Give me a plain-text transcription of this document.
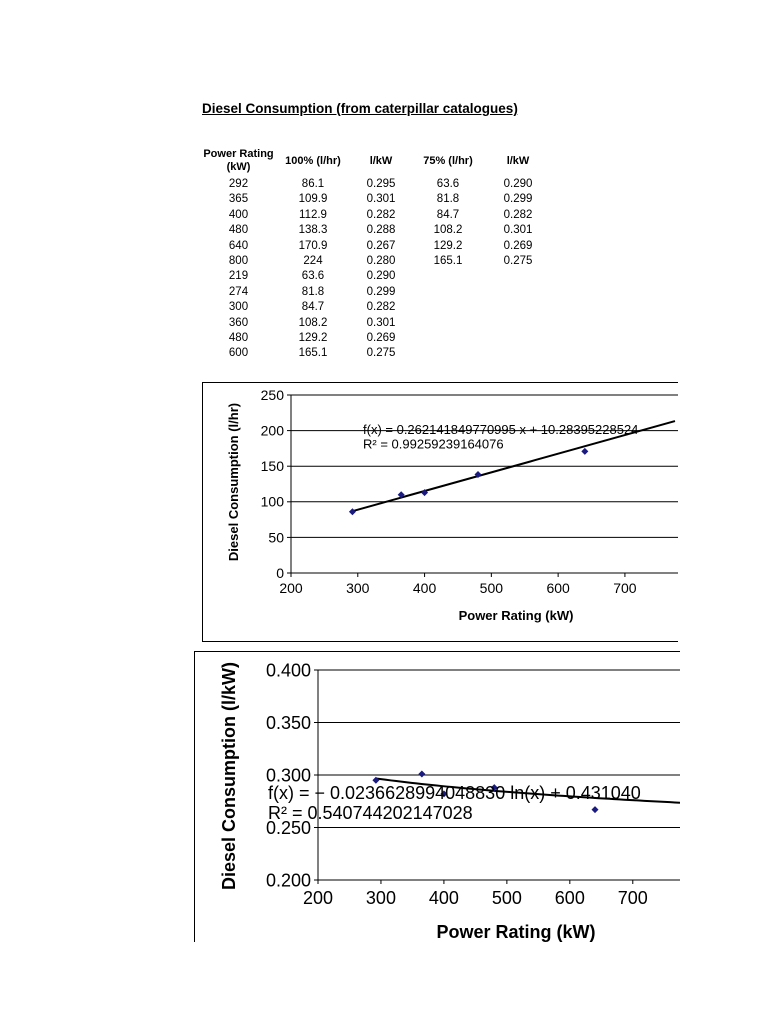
Diesel Consumption (from caterpillar catalogues)
Power Rating (kW)	100% (l/hr)	l/kW	75% (l/hr)	l/kW
292	86.1	0.295	63.6	0.290
365	109.9	0.301	81.8	0.299
400	112.9	0.282	84.7	0.282
480	138.3	0.288	108.2	0.301
640	170.9	0.267	129.2	0.269
800	224	0.280	165.1	0.275
219	63.6	0.290		
274	81.8	0.299		
300	84.7	0.282		
360	108.2	0.301		
480	129.2	0.269		
600	165.1	0.275		
0
50
100
150
200
250
200	300	400	500	600	700
f(x) = 0.262141849770995 x + 10.28395228524
R² = 0.99259239164076
Power Rating (kW)
Diesel Consumption (l/hr)
0.200
0.250
0.300
0.350
0.400
200 300 400 500 600 700
f(x) = − 0.0236628994048830 ln(x) + 0.431040
R² = 0.540744202147028
Power Rating (kW)
Diesel Consumption (l/kW)
